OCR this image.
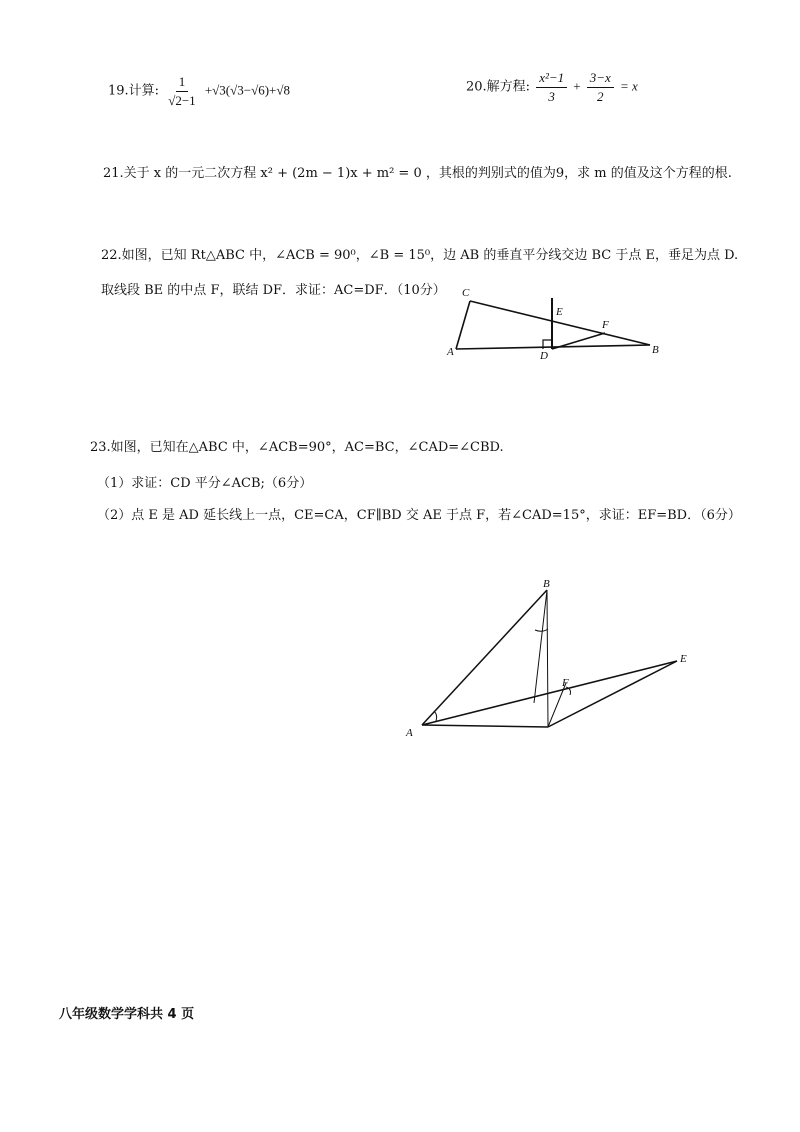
19.计算: $\frac{1}{√2-1} +√3(√3-√6)+√8$	20.解方程: $\frac{\text{x²−1}}{3} + \frac{3-x}{2} = x$
21.关于 x 的一元二次方程 x² + (2m − 1)x + m² = 0 ，其根的判别式的值为9，求 m 的值及这个方程的根.
22.如图，已知 Rt△ABC 中，∠ACB = 90⁰，∠B = 15⁰，边 AB 的垂直平分线交边 BC 于点 E，垂足为点 D.
取线段 BE 的中点 F，联结 DF．求证：AC=DF．（10分） C
E
F
A	D	B
23.如图，已知在△ABC 中，∠ACB=90°，AC=BC，∠CAD=∠CBD.
（1）求证：CD 平分∠ACB;（6分）
（2）点 E 是 AD 延长线上一点，CE=CA，CF∥BD 交 AE 于点 F，若∠CAD=15°，求证：EF=BD．（6分）
B
E
F
A
八年级数学学科共 4 页
